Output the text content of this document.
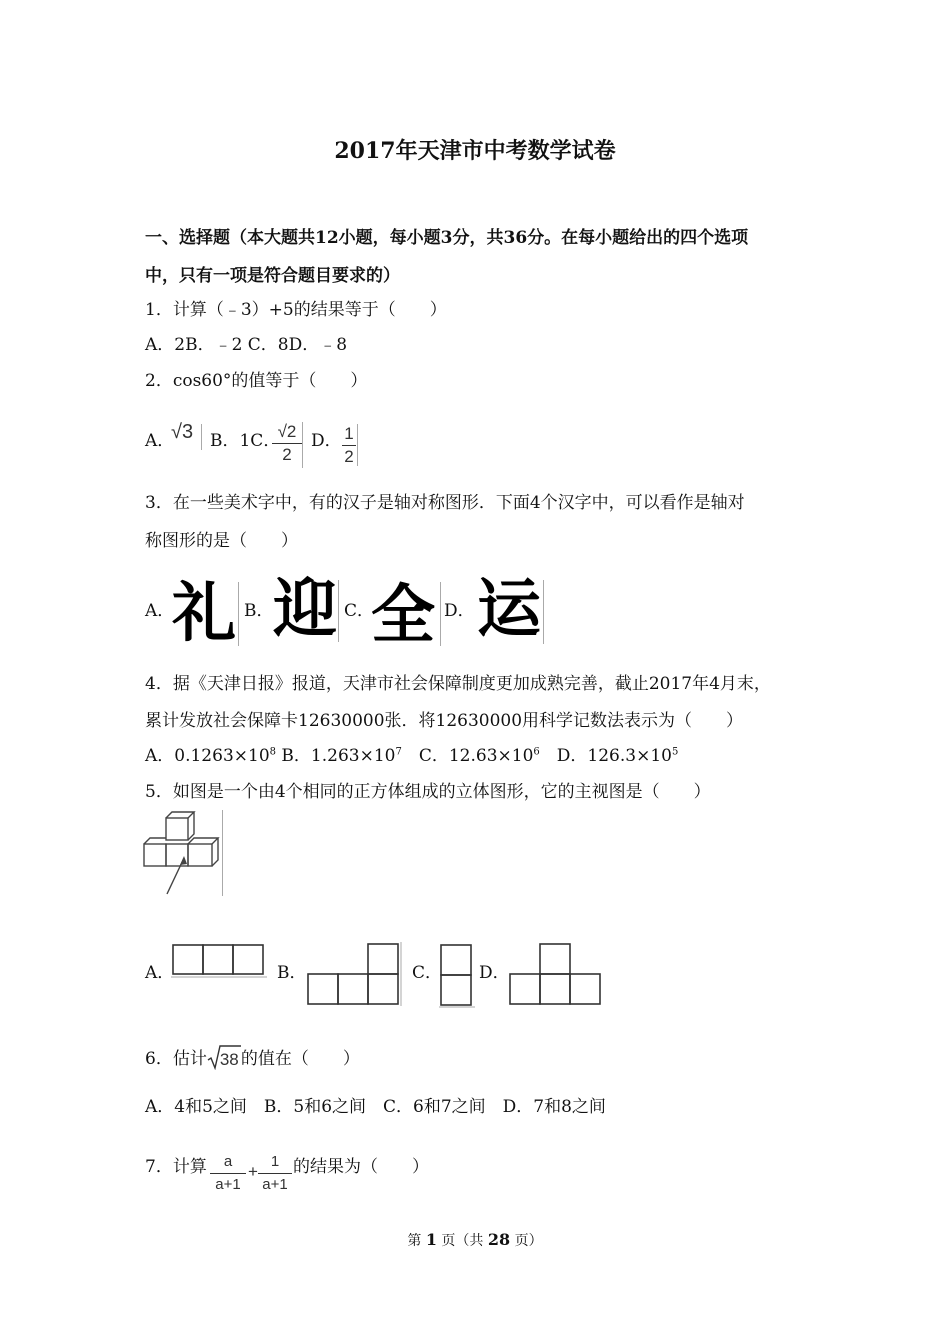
2017年天津市中考数学试卷
一、选择题（本大题共12小题，每小题3分，共36分。在每小题给出的四个选项
中，只有一项是符合题目要求的）
1．计算（﹣3）+5的结果等于（　　）
A．2B．﹣2 C．8D．﹣8
2．cos60°的值等于（　　）
A．
√3 B．1C．
√2
2
D． 1
2
3．在一些美术字中，有的汉子是轴对称图形．下面4个汉字中，可以看作是轴对
称图形的是（　　）
A．
礼 B． 迎 C．
全 D． 运
4．据《天津日报》报道，天津市社会保障制度更加成熟完善，截止2017年4月末，
累计发放社会保障卡12630000张．将12630000用科学记数法表示为（　　）
A．$0.1263\times 10^8$ B．$1.263\times 10^7$　C．$12.63\times 10^6$　D．$126.3\times 10^5$
5．如图是一个由4个相同的正方体组成的立体图形，它的主视图是（　　）
A．	B．	C． D．
6．估计 38 的值在（　　）
A．4和5之间　B．5和6之间　C．6和7之间　D．7和8之间
7．计算	a
a+1
+
1
a+1
的结果为（　　）
第 1 页（共 28 页）
